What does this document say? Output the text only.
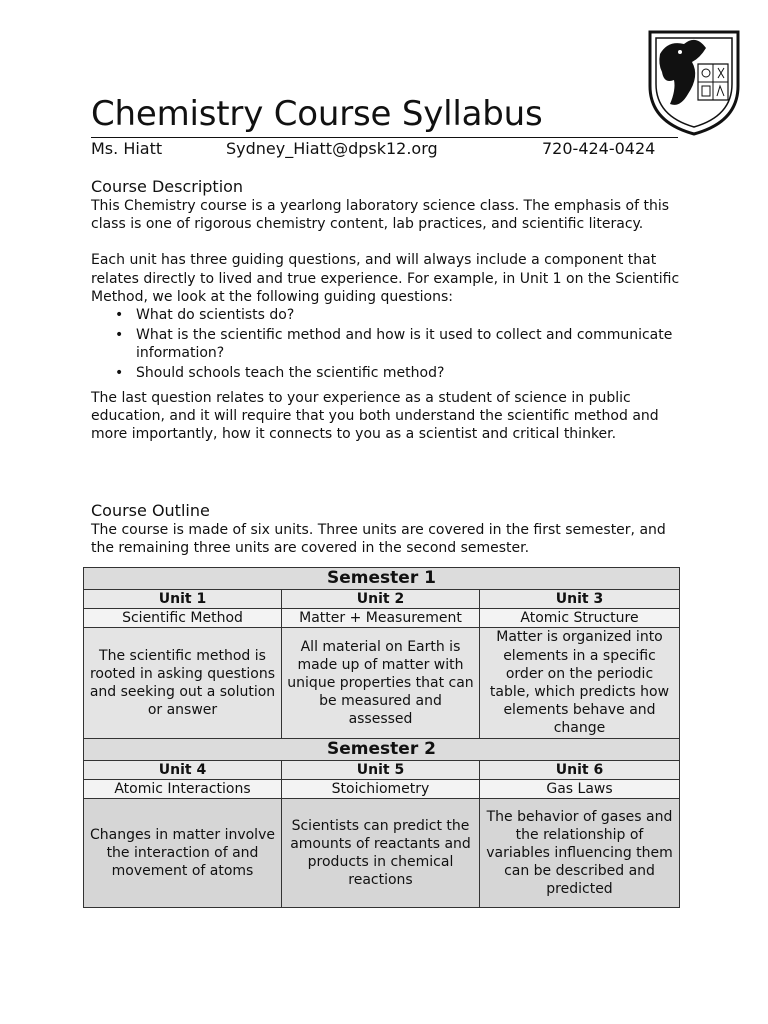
Chemistry Course Syllabus
Ms. Hiatt	Sydney_Hiatt@dpsk12.org	720-424-0424
Course Description

This Chemistry course is a yearlong laboratory science class. The emphasis of this class is one of rigorous chemistry content, lab practices, and scientific literacy.

Each unit has three guiding questions, and will always include a component that relates directly to lived and true experience. For example, in Unit 1 on the Scientific Method, we look at the following guiding questions:

• What do scientists do?
• What is the scientific method and how is it used to collect and communicate information?
• Should schools teach the scientific method?

The last question relates to your experience as a student of science in public education, and it will require that you both understand the scientific method and more importantly, how it connects to you as a scientist and critical thinker.

Course Outline

The course is made of six units. Three units are covered in the first semester, and the remaining three units are covered in the second semester.

Semester 1		
Unit 1	Unit 2	Unit 3
Scientific Method	Matter + Measurement	Atomic Structure
The scientific method is rooted in asking questions and seeking out a solution or answer	All material on Earth is made up of matter with unique properties that can be measured and assessed	Matter is organized into elements in a specific order on the periodic table, which predicts how elements behave and change
Semester 2		
Unit 4	Unit 5	Unit 6
Atomic Interactions	Stoichiometry	Gas Laws
Changes in matter involve the interaction of and movement of atoms	Scientists can predict the amounts of reactants and products in chemical reactions	The behavior of gases and the relationship of variables influencing them can be described and predicted
